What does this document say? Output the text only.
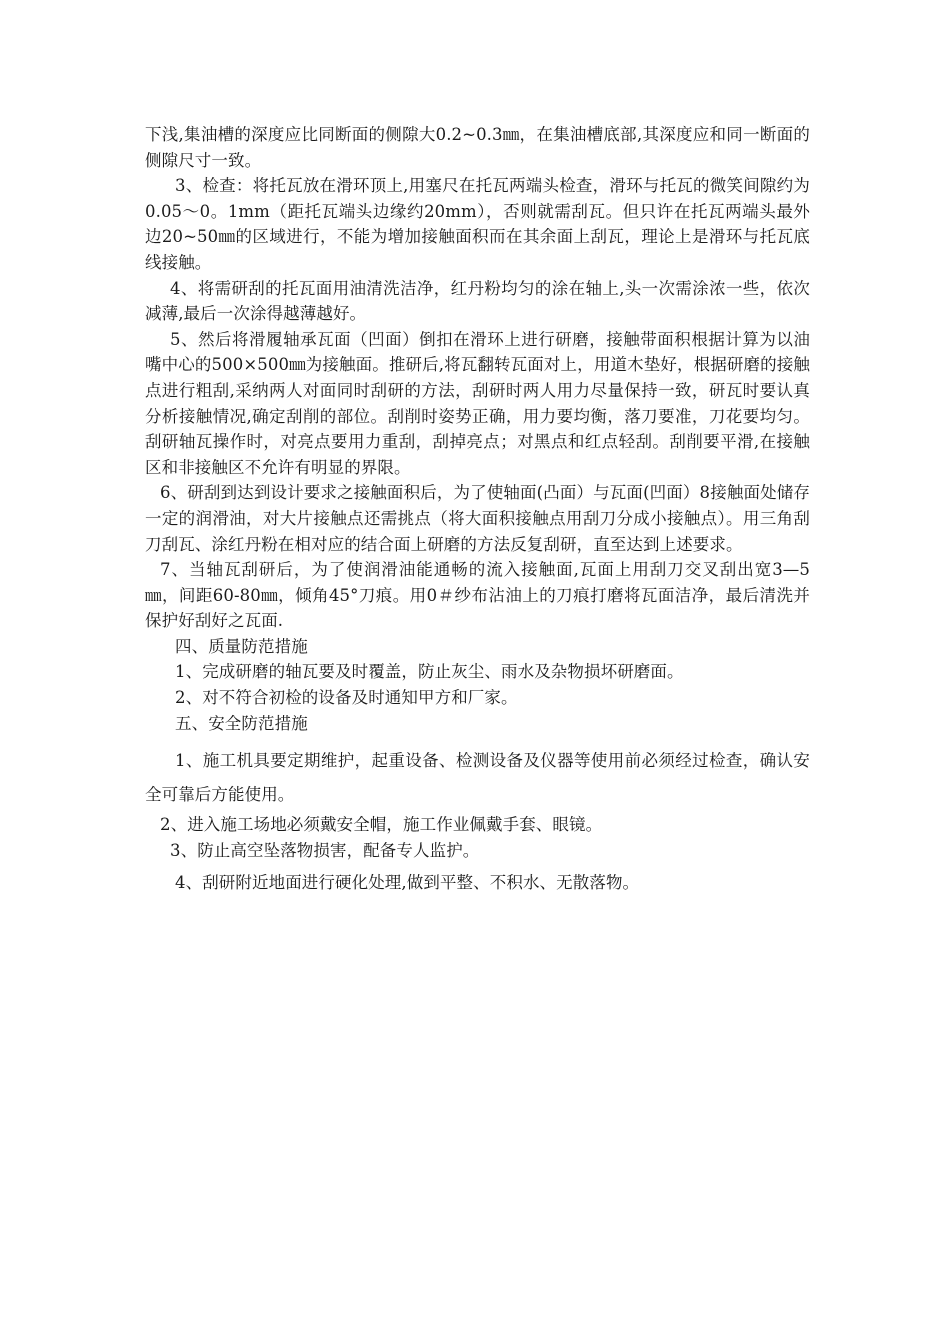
下浅,集油槽的深度应比同断面的侧隙大0.2~0.3㎜，在集油槽底部,其深度应和同一断面的侧隙尺寸一致。

3、检查：将托瓦放在滑环顶上,用塞尺在托瓦两端头检查，滑环与托瓦的微笑间隙约为0.05～0。1mm（距托瓦端头边缘约20mm），否则就需刮瓦。但只许在托瓦两端头最外边20~50㎜的区域进行，不能为增加接触面积而在其余面上刮瓦，理论上是滑环与托瓦底线接触。

4、将需研刮的托瓦面用油清洗洁净，红丹粉均匀的涂在轴上,头一次需涂浓一些，依次减薄,最后一次涂得越薄越好。

5、然后将滑履轴承瓦面（凹面）倒扣在滑环上进行研磨，接触带面积根据计算为以油嘴中心的500×500㎜为接触面。推研后,将瓦翻转瓦面对上，用道木垫好，根据研磨的接触点进行粗刮,采纳两人对面同时刮研的方法，刮研时两人用力尽量保持一致，研瓦时要认真分析接触情况,确定刮削的部位。刮削时姿势正确，用力要均衡，落刀要准，刀花要均匀。刮研轴瓦操作时，对亮点要用力重刮，刮掉亮点；对黑点和红点轻刮。刮削要平滑,在接触区和非接触区不允许有明显的界限。

6、研刮到达到设计要求之接触面积后，为了使轴面(凸面）与瓦面(凹面）8接触面处储存一定的润滑油，对大片接触点还需挑点（将大面积接触点用刮刀分成小接触点）。用三角刮刀刮瓦、涂红丹粉在相对应的结合面上研磨的方法反复刮研，直至达到上述要求。

7、当轴瓦刮研后，为了使润滑油能通畅的流入接触面,瓦面上用刮刀交叉刮出宽3—5㎜，间距60-80㎜，倾角45°刀痕。用0＃纱布沾油上的刀痕打磨将瓦面洁净，最后清洗并保护好刮好之瓦面.

四、质量防范措施

1、完成研磨的轴瓦要及时覆盖，防止灰尘、雨水及杂物损坏研磨面。

2、对不符合初检的设备及时通知甲方和厂家。

五、安全防范措施

1、施工机具要定期维护，起重设备、检测设备及仪器等使用前必须经过检查，确认安全可靠后方能使用。

2、进入施工场地必须戴安全帽，施工作业佩戴手套、眼镜。

3、防止高空坠落物损害，配备专人监护。

4、刮研附近地面进行硬化处理,做到平整、不积水、无散落物。
